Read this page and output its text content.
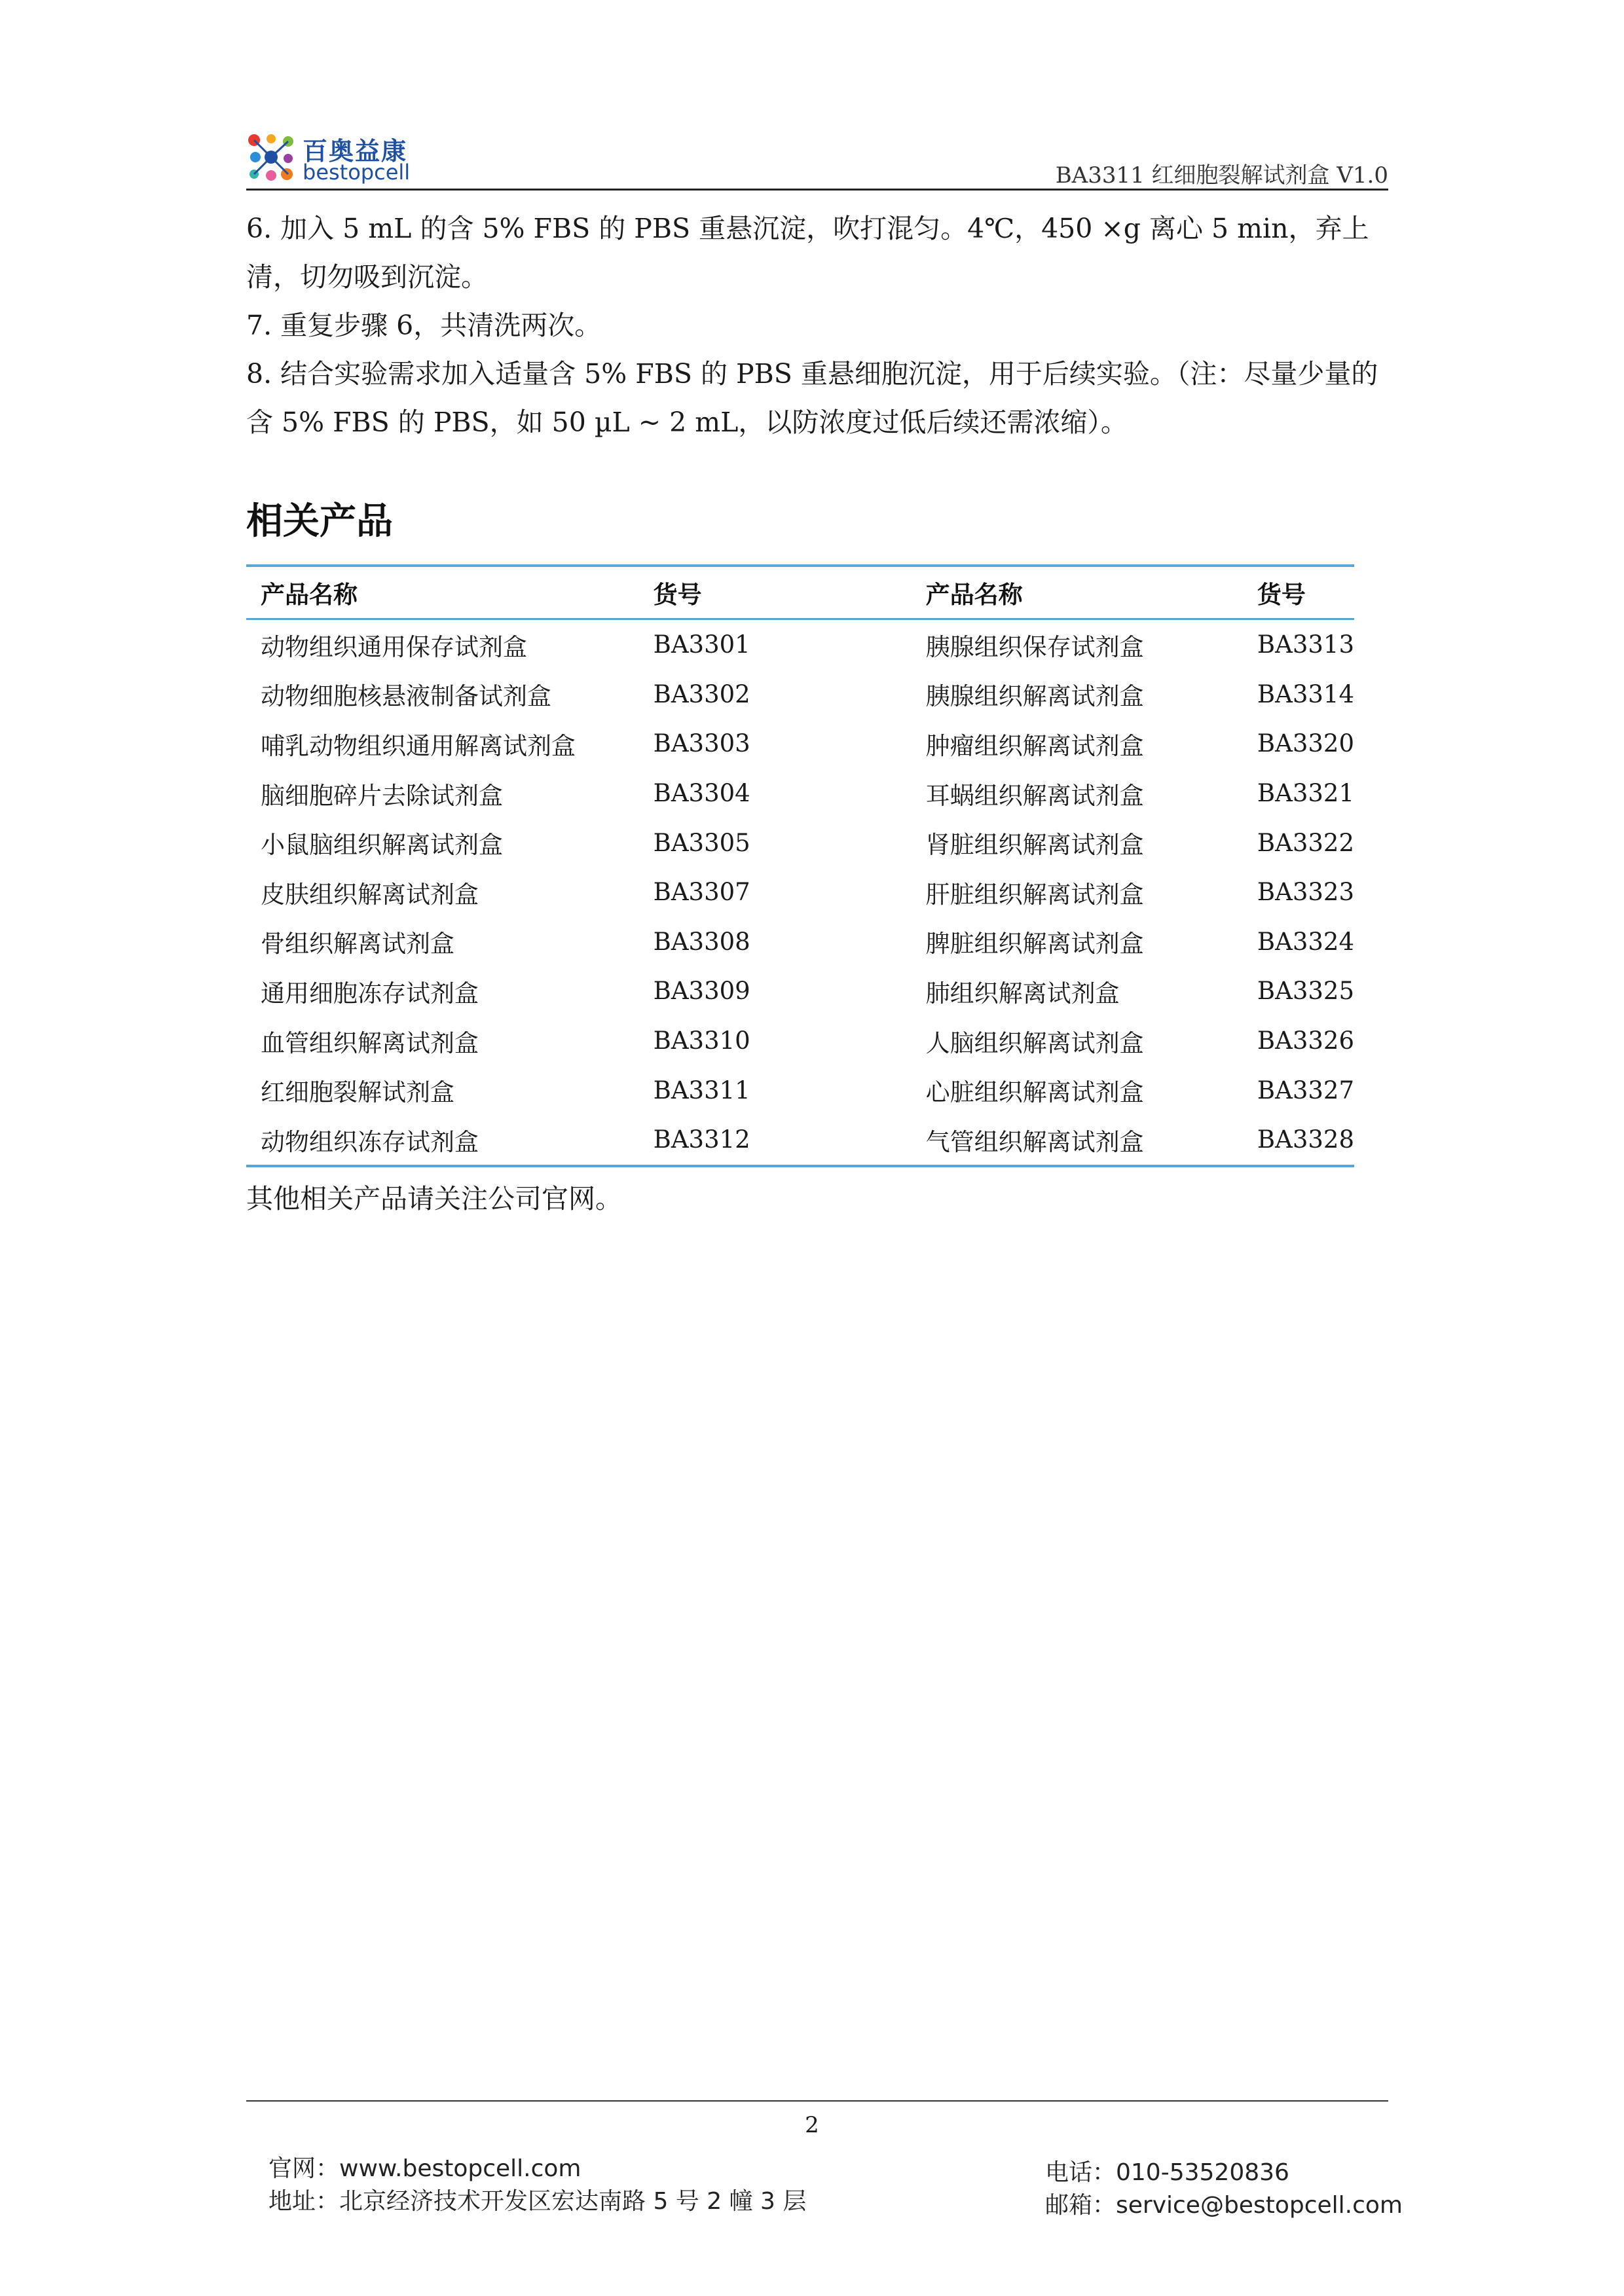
百奥益康
bestopcell	BA3311 红细胞裂解试剂盒 V1.0

6. 加入 5 mL 的含 5% FBS 的 PBS 重悬沉淀，吹打混匀。4℃，450 ×g 离心 5 min，弃上清，切勿吸到沉淀。

7. 重复步骤 6，共清洗两次。

8. 结合实验需求加入适量含 5% FBS 的 PBS 重悬细胞沉淀，用于后续实验。（注：尽量少量的含 5% FBS 的 PBS，如 50 µL ~ 2 mL，以防浓度过低后续还需浓缩）。

相关产品
产品名称	货号	产品名称	货号
动物组织通用保存试剂盒	BA3301	胰腺组织保存试剂盒	BA3313
动物细胞核悬液制备试剂盒	BA3302	胰腺组织解离试剂盒	BA3314
哺乳动物组织通用解离试剂盒	BA3303	肿瘤组织解离试剂盒	BA3320
脑细胞碎片去除试剂盒	BA3304	耳蜗组织解离试剂盒	BA3321
小鼠脑组织解离试剂盒	BA3305	肾脏组织解离试剂盒	BA3322
皮肤组织解离试剂盒	BA3307	肝脏组织解离试剂盒	BA3323
骨组织解离试剂盒	BA3308	脾脏组织解离试剂盒	BA3324
通用细胞冻存试剂盒	BA3309	肺组织解离试剂盒	BA3325
血管组织解离试剂盒	BA3310	人脑组织解离试剂盒	BA3326
红细胞裂解试剂盒	BA3311	心脏组织解离试剂盒	BA3327
动物组织冻存试剂盒	BA3312	气管组织解离试剂盒	BA3328

其他相关产品请关注公司官网。

2
官网：www.bestopcell.com
地址：北京经济技术开发区宏达南路 5 号 2 幢 3 层
电话：010-53520836
邮箱：service@bestopcell.com
